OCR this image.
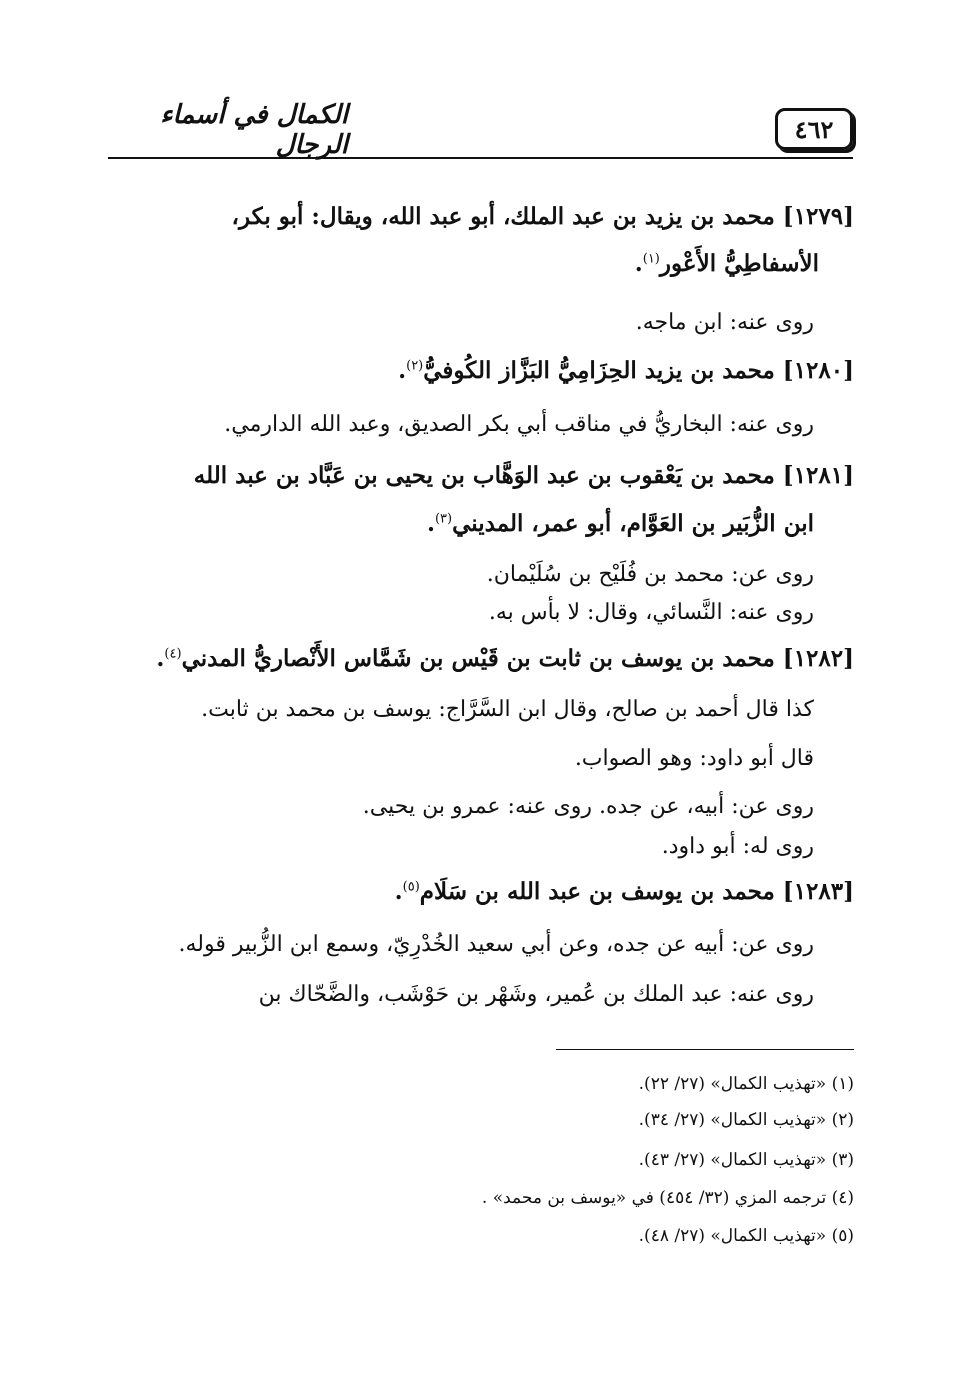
٤٦٢
الكمال في أسماء الرجال
[١٢٧٩] محمد بن يزيد بن عبد الملك، أبو عبد الله، ويقال: أبو بكر،
الأسفاطِيُّ الأَعْور$^{(١)}$.
روى عنه: ابن ماجه.
[١٢٨٠] محمد بن يزيد الحِزَامِيُّ البَزَّاز الكُوفيُّ$^{(٢)}$.
روى عنه: البخاريُّ في مناقب أبي بكر الصديق، وعبد الله الدارمي.
[١٢٨١] محمد بن يَعْقوب بن عبد الوَهَّاب بن يحيى بن عَبَّاد بن عبد الله
ابن الزُّبَير بن العَوَّام، أبو عمر، المديني$^{(٣)}$.
روى عن: محمد بن فُلَيْح بن سُلَيْمان.
روى عنه: النَّسائي، وقال: لا بأس به.
[١٢٨٢] محمد بن يوسف بن ثابت بن قَيْس بن شَمَّاس الأَنْصاريُّ المدني$^{(٤)}$.
كذا قال أحمد بن صالح، وقال ابن السَّرَّاج: يوسف بن محمد بن ثابت.
قال أبو داود: وهو الصواب.
روى عن: أبيه، عن جده. روى عنه: عمرو بن يحيى.
روى له: أبو داود.
[١٢٨٣] محمد بن يوسف بن عبد الله بن سَلَام$^{(٥)}$.
روى عن: أبيه عن جده، وعن أبي سعيد الخُدْرِيّ، وسمع ابن الزُّبير قوله.
روى عنه: عبد الملك بن عُمير، وشَهْر بن حَوْشَب، والضَّحّاك بن
(١) «تهذيب الكمال» (٢٧/ ٢٢).
(٢) «تهذيب الكمال» (٢٧/ ٣٤).
(٣) «تهذيب الكمال» (٢٧/ ٤٣).
(٤) ترجمه المزي (٣٢/ ٤٥٤) في «يوسف بن محمد» .
(٥) «تهذيب الكمال» (٢٧/ ٤٨).
